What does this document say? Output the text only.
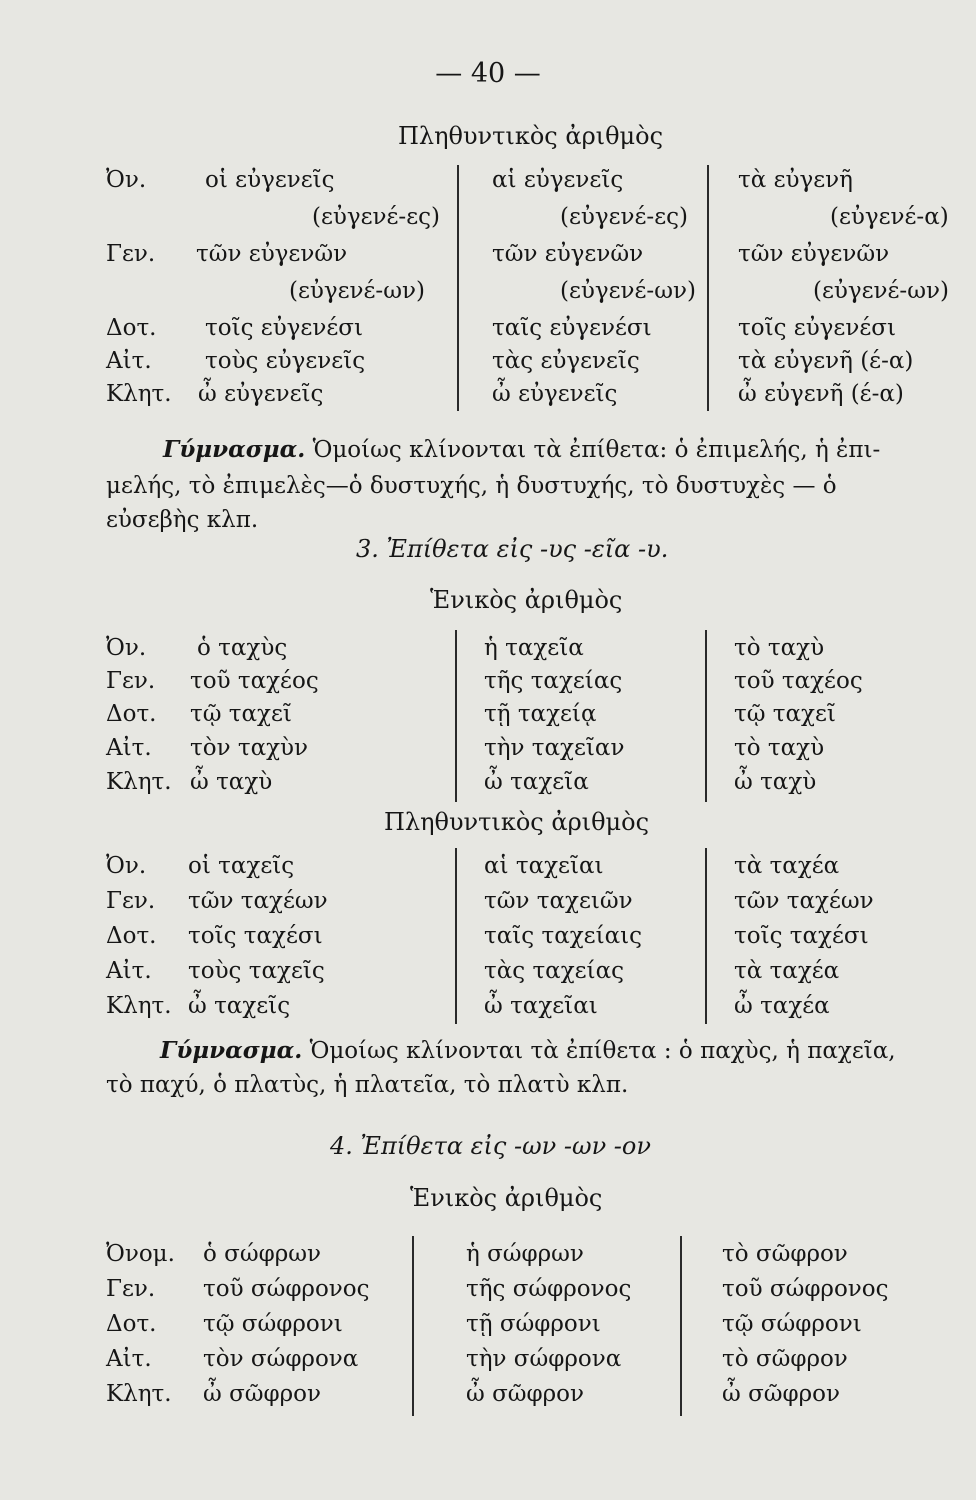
— 40 —
Πληθυντικὸς ἀριθμὸς
Ὀν.	οἱ εὐγενεῖς	αἱ εὐγενεῖς	τὰ εὐγενῆ
(εὐγενέ-ες)	(εὐγενέ-ες)	(εὐγενέ-α)
Γεν. τῶν εὐγενῶν	τῶν εὐγενῶν	τῶν εὐγενῶν
(εὐγενέ-ων)	(εὐγενέ-ων)	(εὐγενέ-ων)
Δοτ. τοῖς εὐγενέσι	ταῖς εὐγενέσι	τοῖς εὐγενέσι
Αἰτ. τοὺς εὐγενεῖς	τὰς εὐγενεῖς	τὰ εὐγενῆ (έ-α)
Κλητ. ὦ εὐγενεῖς	ὦ εὐγενεῖς	ὦ εὐγενῆ (έ-α)
Γύμνασμα. Ὁμοίως κλίνονται τὰ ἐπίθετα: ὁ ἐπιμελής, ἡ ἐπι-
μελής, τὸ ἐπιμελὲς—ὁ δυστυχής, ἡ δυστυχής, τὸ δυστυχὲς — ὁ
εὐσεβὴς κλπ.
3. Ἐπίθετα εἰς -υς -εῖα -υ.
Ἑνικὸς ἀριθμὸς
Ὀν. ὁ ταχὺς	ἡ ταχεῖα	τὸ ταχὺ
Γεν. τοῦ ταχέος	τῆς ταχείας	τοῦ ταχέος
Δοτ. τῷ ταχεῖ	τῇ ταχείᾳ	τῷ ταχεῖ
Αἰτ. τὸν ταχὺν	τὴν ταχεῖαν	τὸ ταχὺ
Κλητ. ὦ ταχὺ	ὦ ταχεῖα	ὦ ταχὺ
Πληθυντικὸς ἀριθμὸς
Ὀν. οἱ ταχεῖς	αἱ ταχεῖαι	τὰ ταχέα
Γεν. τῶν ταχέων	τῶν ταχειῶν	τῶν ταχέων
Δοτ. τοῖς ταχέσι	ταῖς ταχείαις	τοῖς ταχέσι
Αἰτ. τοὺς ταχεῖς	τὰς ταχείας	τὰ ταχέα
Κλητ. ὦ ταχεῖς	ὦ ταχεῖαι	ὦ ταχέα
Γύμνασμα. Ὁμοίως κλίνονται τὰ ἐπίθετα : ὁ παχὺς, ἡ παχεῖα,
τὸ παχύ, ὁ πλατὺς, ἡ πλατεῖα, τὸ πλατὺ κλπ.
4. Ἐπίθετα εἰς -ων -ων -ον
Ἑνικὸς ἀριθμὸς
Ὀνομ. ὁ σώφρων	ἡ σώφρων	τὸ σῶφρον
Γεν. τοῦ σώφρονος	τῆς σώφρονος	τοῦ σώφρονος
Δοτ. τῷ σώφρονι	τῇ σώφρονι	τῷ σώφρονι
Αἰτ. τὸν σώφρονα	τὴν σώφρονα	τὸ σῶφρον
Κλητ. ὦ σῶφρον	ὦ σῶφρον	ὦ σῶφρον
